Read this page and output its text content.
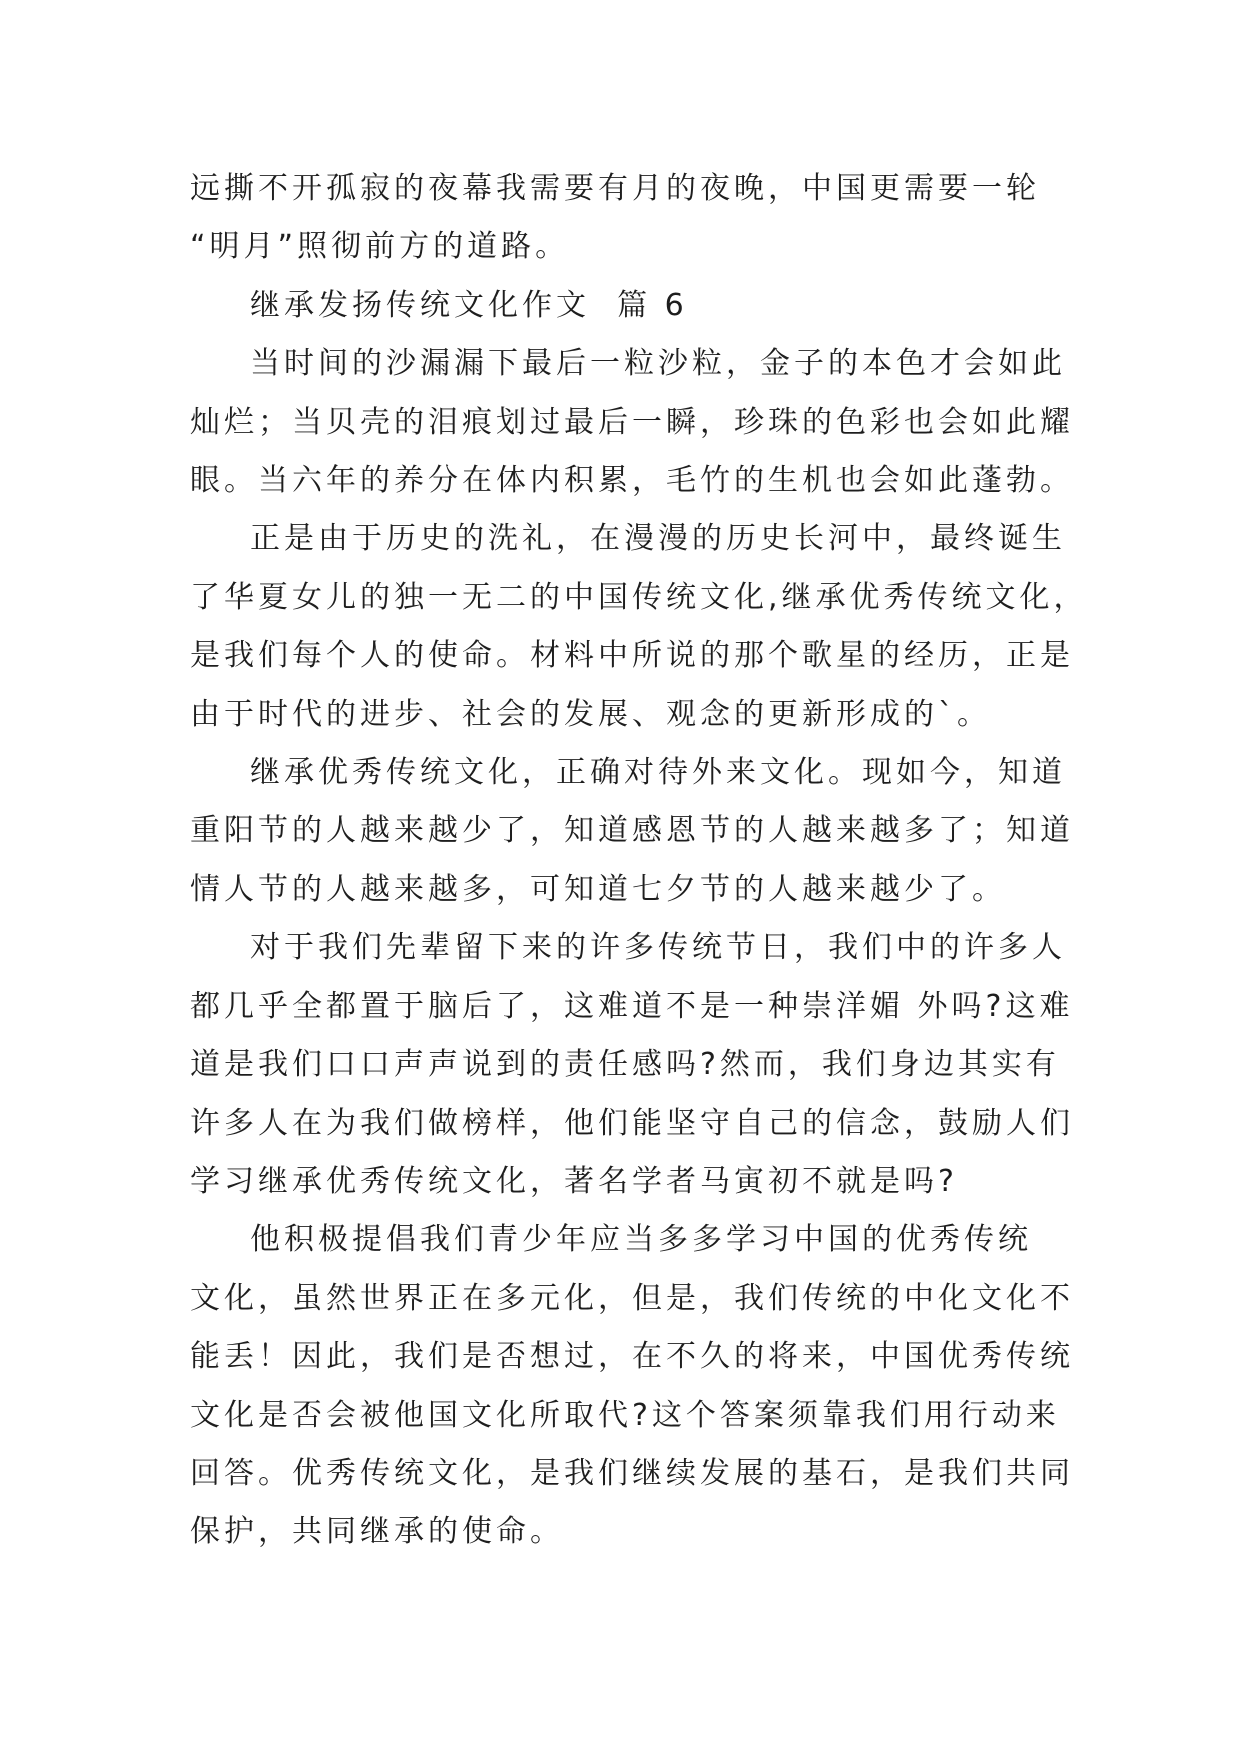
远撕不开孤寂的夜幕我需要有月的夜晚，中国更需要一轮
“明月”照彻前方的道路。

继承发扬传统文化作文  篇 6

当时间的沙漏漏下最后一粒沙粒，金子的本色才会如此
灿烂；当贝壳的泪痕划过最后一瞬，珍珠的色彩也会如此耀
眼。当六年的养分在体内积累，毛竹的生机也会如此蓬勃。

正是由于历史的洗礼，在漫漫的历史长河中，最终诞生
了华夏女儿的独一无二的中国传统文化,继承优秀传统文化，
是我们每个人的使命。材料中所说的那个歌星的经历，正是
由于时代的进步、社会的发展、观念的更新形成的`。

继承优秀传统文化，正确对待外来文化。现如今，知道
重阳节的人越来越少了，知道感恩节的人越来越多了；知道
情人节的人越来越多，可知道七夕节的人越来越少了。

对于我们先辈留下来的许多传统节日，我们中的许多人
都几乎全都置于脑后了，这难道不是一种崇洋媚 外吗?这难
道是我们口口声声说到的责任感吗?然而，我们身边其实有
许多人在为我们做榜样，他们能坚守自己的信念，鼓励人们
学习继承优秀传统文化，著名学者马寅初不就是吗?

他积极提倡我们青少年应当多多学习中国的优秀传统
文化，虽然世界正在多元化，但是，我们传统的中化文化不
能丢！因此，我们是否想过，在不久的将来，中国优秀传统
文化是否会被他国文化所取代?这个答案须靠我们用行动来
回答。优秀传统文化，是我们继续发展的基石，是我们共同
保护，共同继承的使命。
